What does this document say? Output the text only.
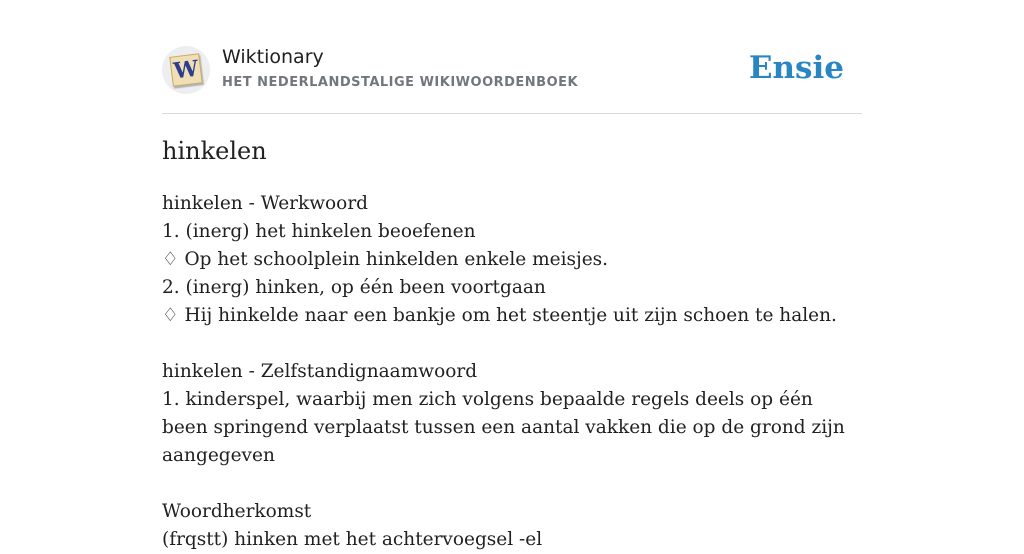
W Wiktionary
HET NEDERLANDSTALIGE WIKIWOORDENBOEK	Ensie
hinkelen
hinkelen - Werkwoord
1. (inerg) het hinkelen beoefenen
♢ Op het schoolplein hinkelden enkele meisjes.
2. (inerg) hinken, op één been voortgaan
♢ Hij hinkelde naar een bankje om het steentje uit zijn schoen te halen.
hinkelen - Zelfstandignaamwoord
1. kinderspel, waarbij men zich volgens bepaalde regels deels op één been springend verplaatst tussen een aantal vakken die op de grond zijn aangegeven
Woordherkomst
(frqstt) hinken met het achtervoegsel -el
